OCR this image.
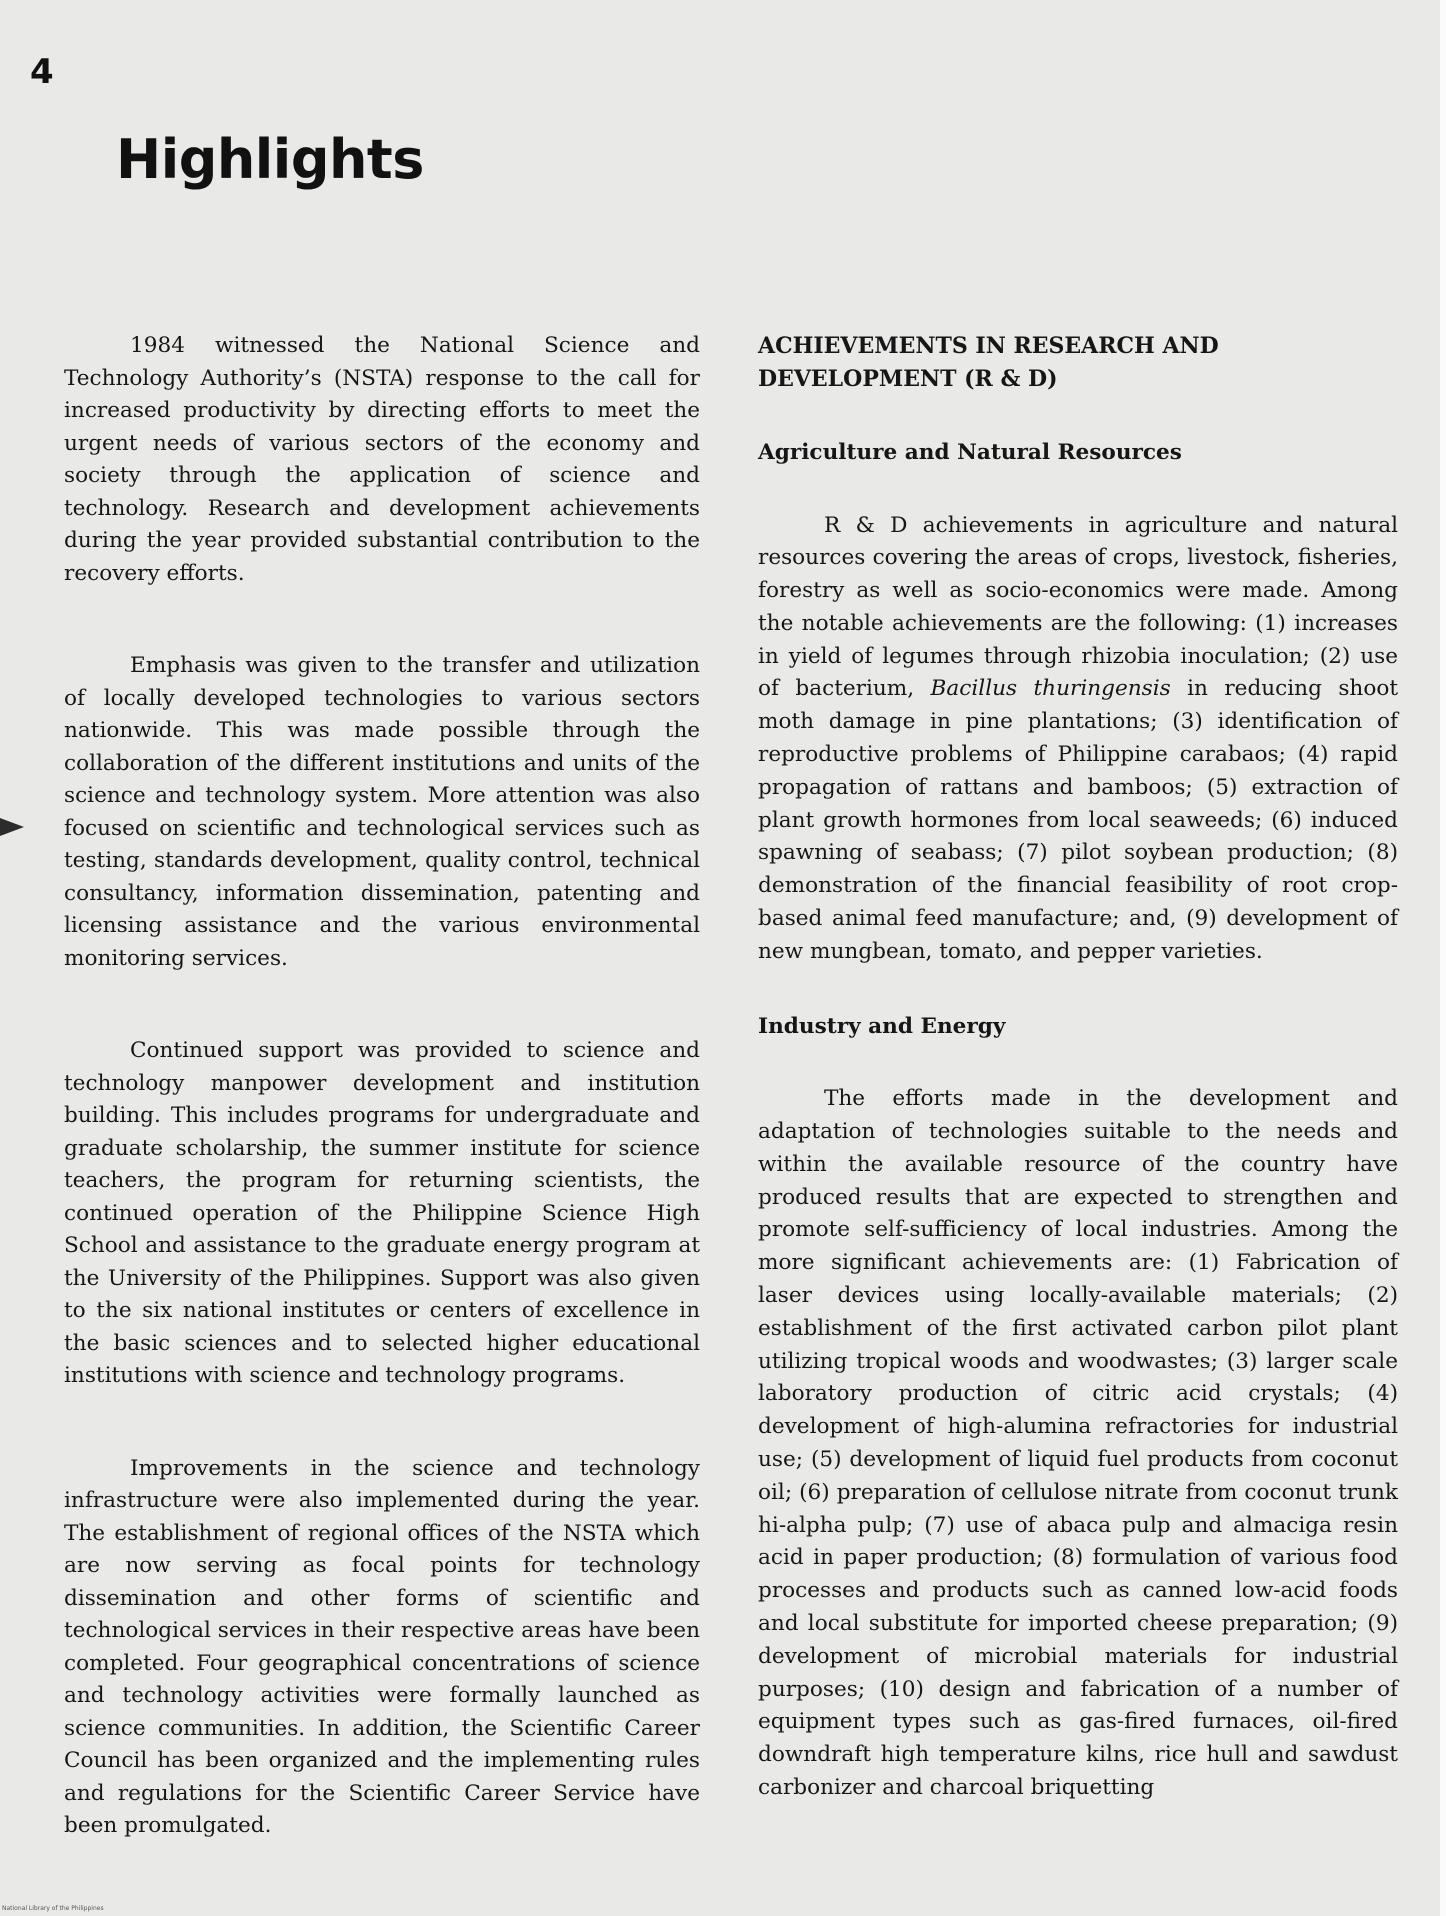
4
Highlights

1984 witnessed the National Science and Technology Authority’s (NSTA) response to the call for increased productivity by directing efforts to meet the urgent needs of various sectors of the economy and society through the application of science and technology. Research and development achievements during the year provided substantial contribution to the recovery efforts.

Emphasis was given to the transfer and utilization of locally developed technologies to various sectors nationwide. This was made possible through the collaboration of the different institutions and units of the science and technology system. More attention was also focused on scientific and technological services such as testing, standards development, quality control, technical consultancy, information dissemination, patenting and licensing assistance and the various environmental monitoring services.

Continued support was provided to science and technology manpower development and institution building. This includes programs for undergraduate and graduate scholarship, the summer institute for science teachers, the program for returning scientists, the continued operation of the Philippine Science High School and assistance to the graduate energy program at the University of the Philippines. Support was also given to the six national institutes or centers of excellence in the basic sciences and to selected higher educational institutions with science and technology programs.

Improvements in the science and technology infrastructure were also implemented during the year. The establishment of regional offices of the NSTA which are now serving as focal points for technology dissemination and other forms of scientific and technological services in their respective areas have been completed. Four geographical concentrations of science and technology activities were formally launched as science communities. In addition, the Scientific Career Council has been organized and the implementing rules and regulations for the Scientific Career Service have been promulgated.

ACHIEVEMENTS IN RESEARCH AND DEVELOPMENT (R & D)
Agriculture and Natural Resources

R & D achievements in agriculture and natural resources covering the areas of crops, livestock, fisheries, forestry as well as socio-economics were made. Among the notable achievements are the following: (1) increases in yield of legumes through rhizobia inoculation; (2) use of bacterium, Bacillus thuringensis in reducing shoot moth damage in pine plantations; (3) identification of reproductive problems of Philippine carabaos; (4) rapid propagation of rattans and bamboos; (5) extraction of plant growth hormones from local seaweeds; (6) induced spawning of seabass; (7) pilot soybean production; (8) demonstration of the financial feasibility of root crop-based animal feed manufacture; and, (9) development of new mungbean, tomato, and pepper varieties.

Industry and Energy

The efforts made in the development and adaptation of technologies suitable to the needs and within the available resource of the country have produced results that are expected to strengthen and promote self-sufficiency of local industries. Among the more significant achievements are: (1) Fabrication of laser devices using locally-available materials; (2) establishment of the first activated carbon pilot plant utilizing tropical woods and woodwastes; (3) larger scale laboratory production of citric acid crystals; (4) development of high-alumina refractories for industrial use; (5) development of liquid fuel products from coconut oil; (6) preparation of cellulose nitrate from coconut trunk hi-alpha pulp; (7) use of abaca pulp and almaciga resin acid in paper production; (8) formulation of various food processes and products such as canned low-acid foods and local substitute for imported cheese preparation; (9) development of microbial materials for industrial purposes; (10) design and fabrication of a number of equipment types such as gas-fired furnaces, oil-fired downdraft high temperature kilns, rice hull and sawdust carbonizer and charcoal briquetting

National Library of the Philippines
